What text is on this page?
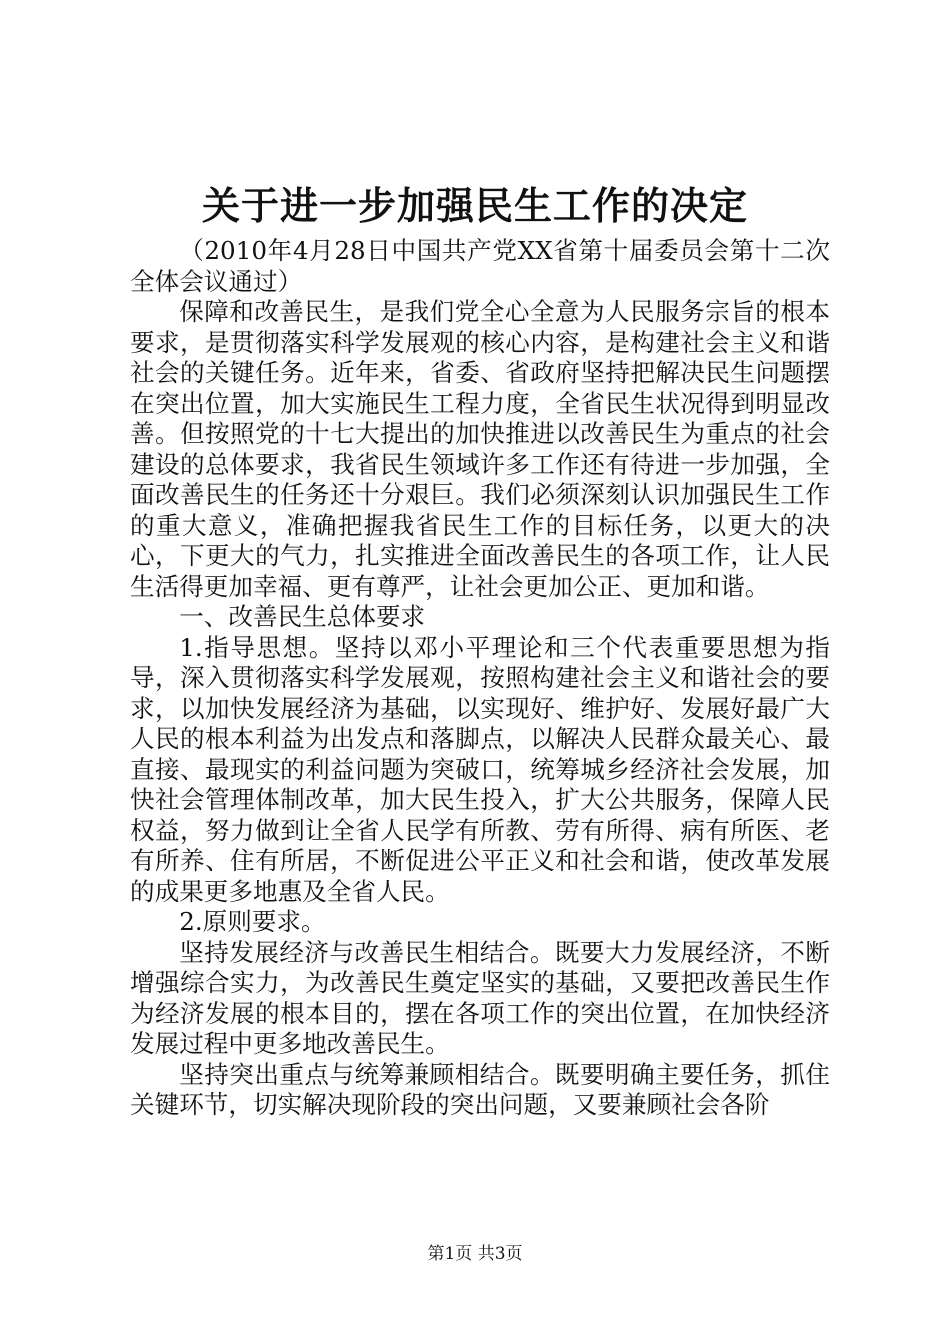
关于进一步加强民生工作的决定

（2010年4月28日中国共产党XX省第十届委员会第十二次全体会议通过）

保障和改善民生，是我们党全心全意为人民服务宗旨的根本要求，是贯彻落实科学发展观的核心内容，是构建社会主义和谐社会的关键任务。近年来，省委、省政府坚持把解决民生问题摆在突出位置，加大实施民生工程力度，全省民生状况得到明显改善。但按照党的十七大提出的加快推进以改善民生为重点的社会建设的总体要求，我省民生领域许多工作还有待进一步加强，全面改善民生的任务还十分艰巨。我们必须深刻认识加强民生工作的重大意义，准确把握我省民生工作的目标任务，以更大的决心，下更大的气力，扎实推进全面改善民生的各项工作，让人民生活得更加幸福、更有尊严，让社会更加公正、更加和谐。

一、改善民生总体要求

1.指导思想。坚持以邓小平理论和三个代表重要思想为指导，深入贯彻落实科学发展观，按照构建社会主义和谐社会的要求，以加快发展经济为基础，以实现好、维护好、发展好最广大人民的根本利益为出发点和落脚点，以解决人民群众最关心、最直接、最现实的利益问题为突破口，统筹城乡经济社会发展，加快社会管理体制改革，加大民生投入，扩大公共服务，保障人民权益，努力做到让全省人民学有所教、劳有所得、病有所医、老有所养、住有所居，不断促进公平正义和社会和谐，使改革发展的成果更多地惠及全省人民。

2.原则要求。

坚持发展经济与改善民生相结合。既要大力发展经济，不断增强综合实力，为改善民生奠定坚实的基础，又要把改善民生作为经济发展的根本目的，摆在各项工作的突出位置，在加快经济发展过程中更多地改善民生。

坚持突出重点与统筹兼顾相结合。既要明确主要任务，抓住关键环节，切实解决现阶段的突出问题，又要兼顾社会各阶

第1页 共3页
